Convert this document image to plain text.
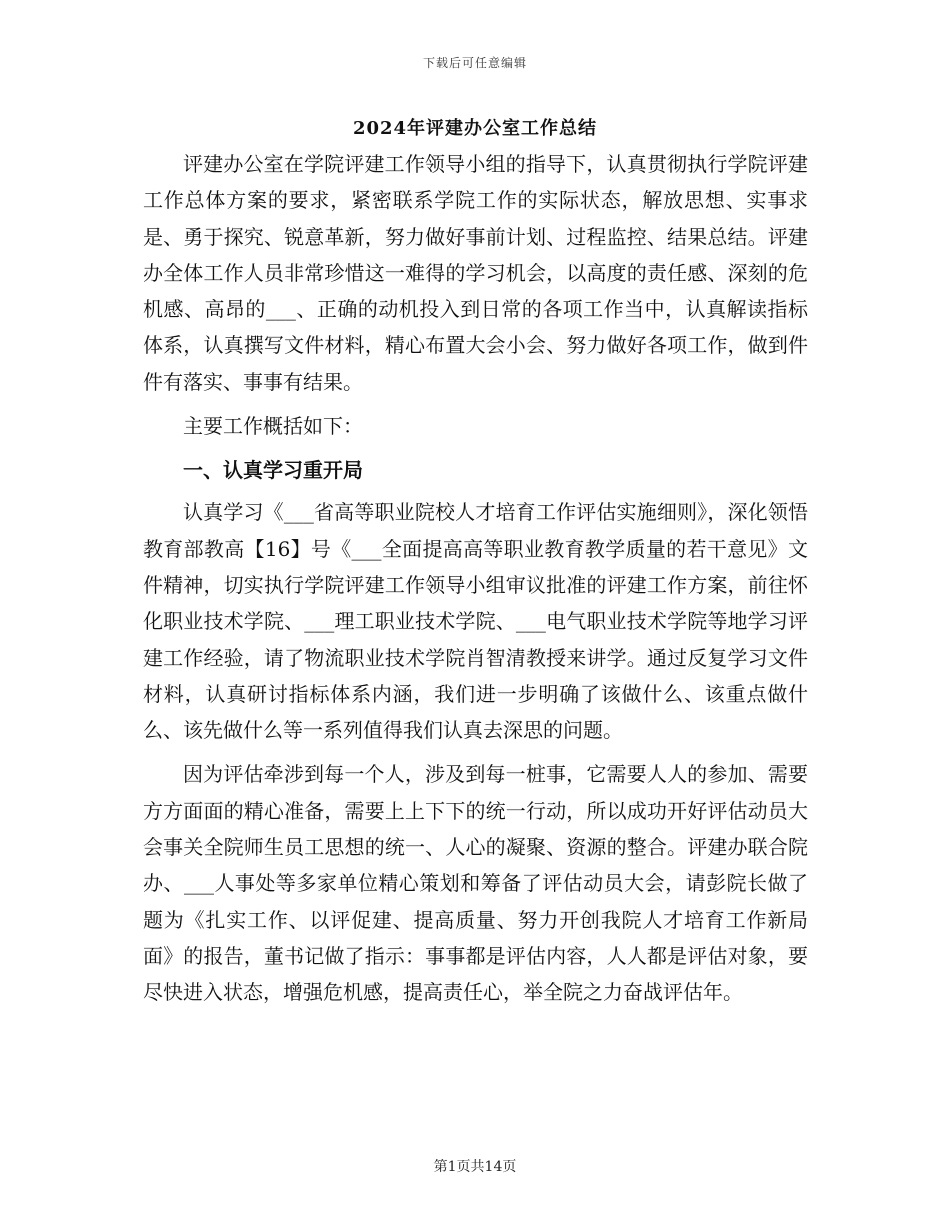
下载后可任意编辑
2024年评建办公室工作总结

评建办公室在学院评建工作领导小组的指导下，认真贯彻执行学院评建工作总体方案的要求，紧密联系学院工作的实际状态，解放思想、实事求是、勇于探究、锐意革新，努力做好事前计划、过程监控、结果总结。评建办全体工作人员非常珍惜这一难得的学习机会，以高度的责任感、深刻的危机感、高昂的___、正确的动机投入到日常的各项工作当中，认真解读指标体系，认真撰写文件材料，精心布置大会小会、努力做好各项工作，做到件件有落实、事事有结果。

主要工作概括如下：

一、认真学习重开局

认真学习《___省高等职业院校人才培育工作评估实施细则》，深化领悟教育部教高【16】号《___全面提高高等职业教育教学质量的若干意见》文件精神，切实执行学院评建工作领导小组审议批准的评建工作方案，前往怀化职业技术学院、___理工职业技术学院、___电气职业技术学院等地学习评建工作经验，请了物流职业技术学院肖智清教授来讲学。通过反复学习文件材料，认真研讨指标体系内涵，我们进一步明确了该做什么、该重点做什么、该先做什么等一系列值得我们认真去深思的问题。

因为评估牵涉到每一个人，涉及到每一桩事，它需要人人的参加、需要方方面面的精心准备，需要上上下下的统一行动，所以成功开好评估动员大会事关全院师生员工思想的统一、人心的凝聚、资源的整合。评建办联合院办、___人事处等多家单位精心策划和筹备了评估动员大会，请彭院长做了题为《扎实工作、以评促建、提高质量、努力开创我院人才培育工作新局面》的报告，董书记做了指示：事事都是评估内容，人人都是评估对象，要尽快进入状态，增强危机感，提高责任心，举全院之力奋战评估年。

第1页共14页
